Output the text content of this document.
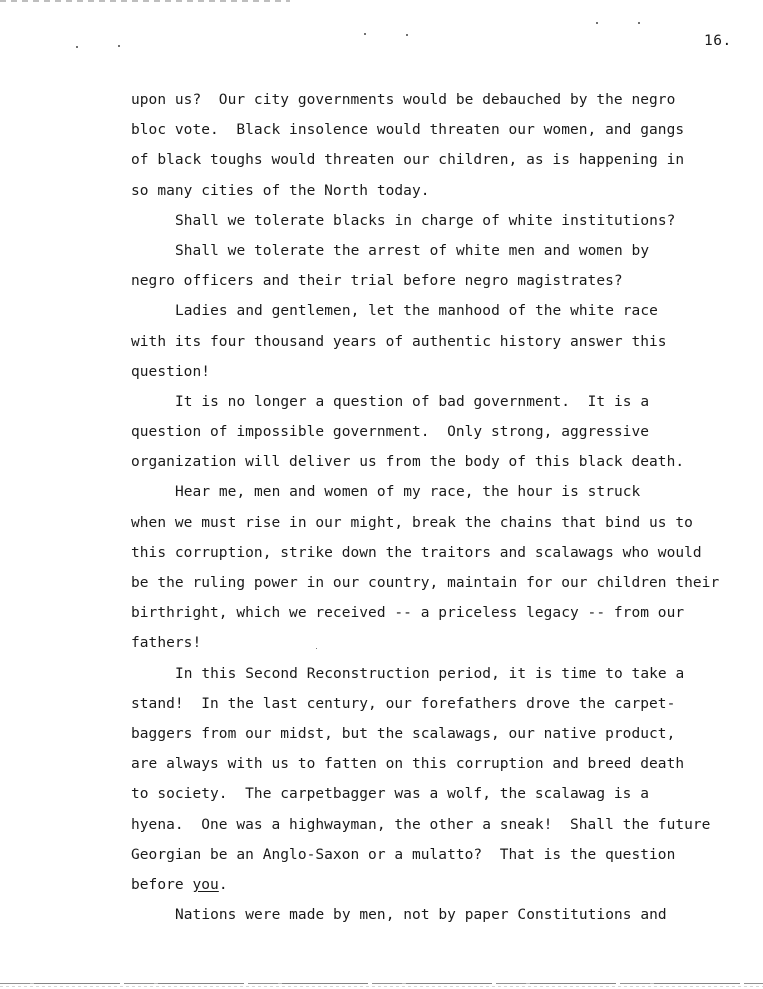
16.
upon us?  Our city governments would be debauched by the negro
bloc vote.  Black insolence would threaten our women, and gangs
of black toughs would threaten our children, as is happening in
so many cities of the North today.
Shall we tolerate blacks in charge of white institutions?
Shall we tolerate the arrest of white men and women by
negro officers and their trial before negro magistrates?
Ladies and gentlemen, let the manhood of the white race
with its four thousand years of authentic history answer this
question!
It is no longer a question of bad government.  It is a
question of impossible government.  Only strong, aggressive
organization will deliver us from the body of this black death.
Hear me, men and women of my race, the hour is struck
when we must rise in our might, break the chains that bind us to
this corruption, strike down the traitors and scalawags who would
be the ruling power in our country, maintain for our children their
birthright, which we received -- a priceless legacy -- from our
fathers!
In this Second Reconstruction period, it is time to take a
stand!  In the last century, our forefathers drove the carpet-
baggers from our midst, but the scalawags, our native product,
are always with us to fatten on this corruption and breed death
to society.  The carpetbagger was a wolf, the scalawag is a
hyena.  One was a highwayman, the other a sneak!  Shall the future
Georgian be an Anglo-Saxon or a mulatto?  That is the question
before you.
Nations were made by men, not by paper Constitutions and
